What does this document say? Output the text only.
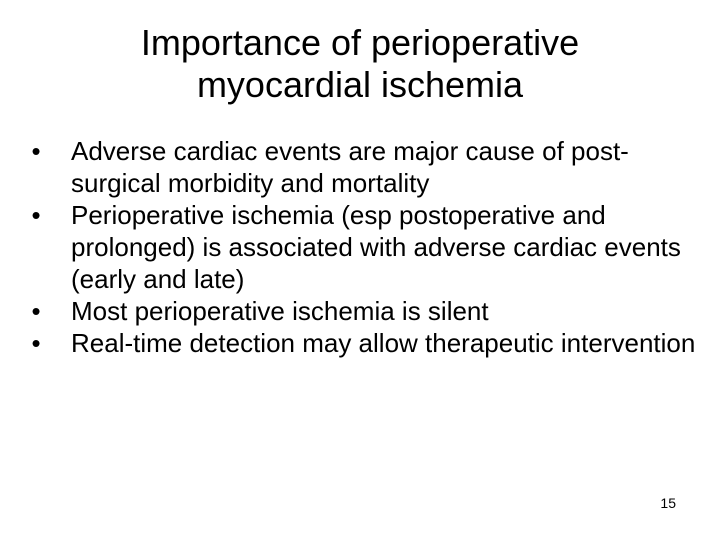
Importance of perioperative
myocardial ischemia
• Adverse cardiac events are major cause of post-surgical morbidity and mortality
• Perioperative ischemia (esp postoperative and prolonged) is associated with adverse cardiac events (early and late)
• Most perioperative ischemia is silent
• Real-time detection may allow therapeutic intervention
15
